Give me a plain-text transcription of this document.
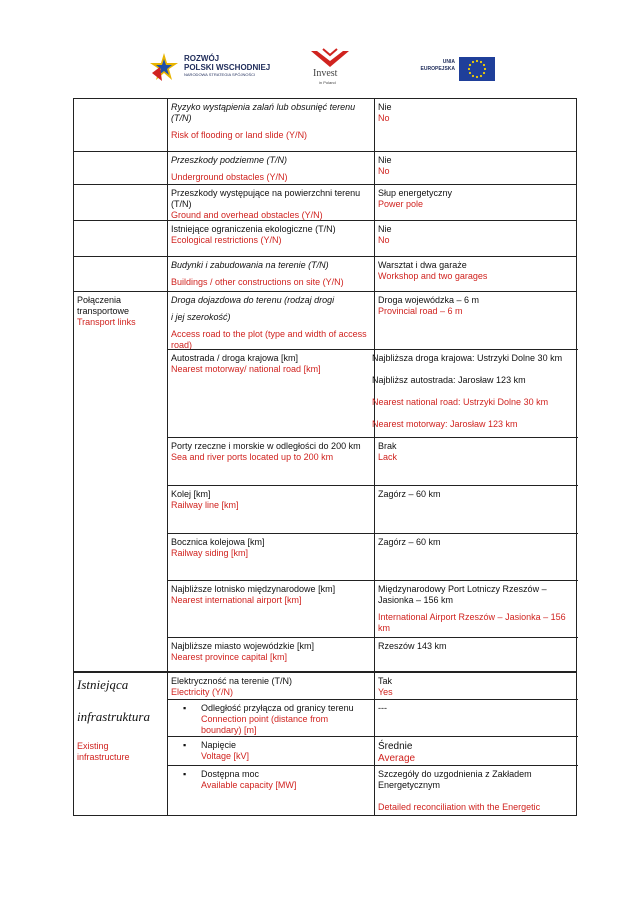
ROZWÓJ
POLSKI WSCHODNIEJ
NARODOWA STRATEGIA SPÓJNOŚCI	Invest
in Poland
UNIA
EUROPEJSKA
Ryzyko wystąpienia zalań lub obsunięć terenu (T/N)
Risk of flooding or land slide (Y/N)
Nie
No
Przeszkody podziemne (T/N)
Underground obstacles (Y/N)
Nie
No
Przeszkody występujące na powierzchni terenu (T/N)
Ground and overhead obstacles (Y/N)
Słup energetyczny
Power pole
Istniejące ograniczenia ekologiczne (T/N)
Ecological restrictions (Y/N)
Nie
No
Budynki i zabudowania na terenie (T/N)
Buildings / other constructions on site (Y/N)
Warsztat i dwa garaże
Workshop and two garages
Połączenia
transportowe
Transport links
Droga dojazdowa do terenu (rodzaj drogi
i jej szerokość)
Access road to the plot (type and width of access road)
Droga wojewódzka – 6 m
Provincial road – 6 m
Autostrada / droga krajowa [km]
Nearest motorway/ national road [km]
Najbliższa droga krajowa: Ustrzyki Dolne 30 km
Najbliższ autostrada: Jarosław 123 km
Nearest national road: Ustrzyki Dolne 30 km
Nearest motorway: Jarosław 123 km
Porty rzeczne i morskie w odległości do 200 km
Sea and river ports located up to 200 km
Brak
Lack
Kolej [km]
Railway line [km]
Zagórz – 60 km
Bocznica kolejowa [km]
Railway siding [km]
Zagórz – 60 km
Najbliższe lotnisko międzynarodowe [km]
Nearest international airport [km]
Międzynarodowy Port Lotniczy Rzeszów – Jasionka – 156 km
International Airport Rzeszów – Jasionka – 156 km
Najbliższe miasto wojewódzkie [km]
Nearest province capital [km]
Rzeszów 143 km
Istniejąca
infrastruktura
Existing
infrastructure
Elektryczność na terenie (T/N)
Electricity (Y/N)
Tak
Yes
▪ Odległość przyłącza od granicy terenu
Connection point (distance from boundary) [m]
---
▪ Napięcie
Voltage [kV]
Średnie
Average
▪ Dostępna moc
Available capacity [MW]
Szczegóły do uzgodnienia z Zakładem Energetycznym
Detailed reconciliation with the Energetic
